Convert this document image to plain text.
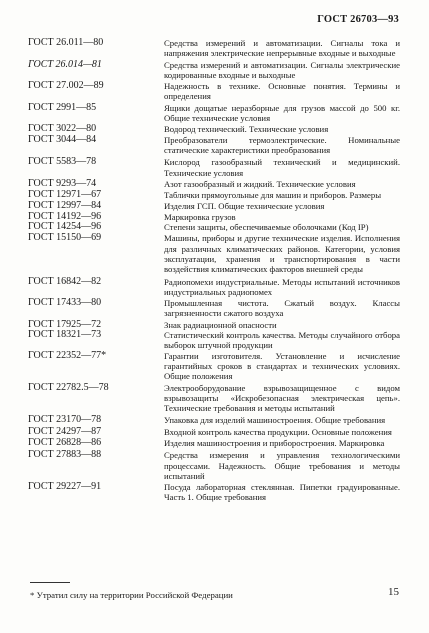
ГОСТ 26703—93
ГОСТ 26.011—80	Средства измерений и автоматизации. Сигналы тока и напряжения электрические непрерывные входные и выходные
ГОСТ 26.014—81	Средства измерений и автоматизации. Сигналы электрические кодированные входные и выходные
ГОСТ 27.002—89	Надежность в технике. Основные понятия. Термины и определения
ГОСТ 2991—85	Ящики дощатые неразборные для грузов массой до 500 кг. Общие технические условия
ГОСТ 3022—80	Водород технический. Технические условия
ГОСТ 3044—84	Преобразователи термоэлектрические. Номинальные статические характеристики преобразования
ГОСТ 5583—78	Кислород газообразный технический и медицинский. Технические условия
ГОСТ 9293—74	Азот газообразный и жидкий. Технические условия
ГОСТ 12971—67	Таблички прямоугольные для машин и приборов. Размеры
ГОСТ 12997—84	Изделия ГСП. Общие технические условия
ГОСТ 14192—96	Маркировка грузов
ГОСТ 14254—96	Степени защиты, обеспечиваемые оболочками (Код IP)
ГОСТ 15150—69	Машины, приборы и другие технические изделия. Исполнения для различных климатических районов. Категории, условия эксплуатации, хранения и транспортирования в части воздействия климатических факторов внешней среды
ГОСТ 16842—82	Радиопомехи индустриальные. Методы испытаний источников индустриальных радиопомех
ГОСТ 17433—80	Промышленная чистота. Сжатый воздух. Классы загрязненности сжатого воздуха
ГОСТ 17925—72	Знак радиационной опасности
ГОСТ 18321—73	Статистический контроль качества. Методы случайного отбора выборок штучной продукции
ГОСТ 22352—77*	Гарантии изготовителя. Установление и исчисление гарантийных сроков в стандартах и технических условиях. Общие положения
ГОСТ 22782.5—78	Электрооборудование взрывозащищенное с видом взрывозащиты «Искробезопасная электрическая цепь». Технические требования и методы испытаний
ГОСТ 23170—78	Упаковка для изделий машиностроения. Общие требования
ГОСТ 24297—87	Входной контроль качества продукции. Основные положения
ГОСТ 26828—86	Изделия машиностроения и приборостроения. Маркировка
ГОСТ 27883—88	Средства измерения и управления технологическими процессами. Надежность. Общие требования и методы испытаний
ГОСТ 29227—91	Посуда лабораторная стеклянная. Пипетки градуированные. Часть 1. Общие требования
* Утратил силу на территории Российской Федерации	15
